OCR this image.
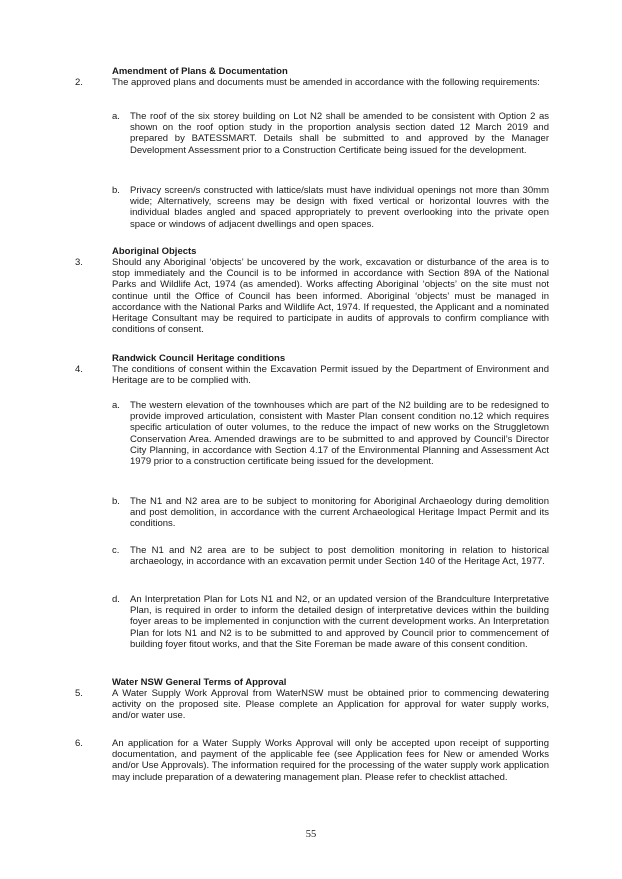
Amendment of Plans & Documentation
2.	The approved plans and documents must be amended in accordance with the following requirements:
a. The roof of the six storey building on Lot N2 shall be amended to be consistent with Option 2 as shown on the roof option study in the proportion analysis section dated 12 March 2019 and prepared by BATESSMART. Details shall be submitted to and approved by the Manager Development Assessment prior to a Construction Certificate being issued for the development.
b. Privacy screen/s constructed with lattice/slats must have individual openings not more than 30mm wide; Alternatively, screens may be design with fixed vertical or horizontal louvres with the individual blades angled and spaced appropriately to prevent overlooking into the private open space or windows of adjacent dwellings and open spaces.
Aboriginal Objects
3.	Should any Aboriginal ‘objects’ be uncovered by the work, excavation or disturbance of the area is to stop immediately and the Council is to be informed in accordance with Section 89A of the National Parks and Wildlife Act, 1974 (as amended). Works affecting Aboriginal ‘objects’ on the site must not continue until the Office of Council has been informed. Aboriginal ‘objects’ must be managed in accordance with the National Parks and Wildlife Act, 1974. If requested, the Applicant and a nominated Heritage Consultant may be required to participate in audits of approvals to confirm compliance with conditions of consent.
Randwick Council Heritage conditions
4.	The conditions of consent within the Excavation Permit issued by the Department of Environment and Heritage are to be complied with.
a. The western elevation of the townhouses which are part of the N2 building are to be redesigned to provide improved articulation, consistent with Master Plan consent condition no.12 which requires specific articulation of outer volumes, to the reduce the impact of new works on the Struggletown Conservation Area. Amended drawings are to be submitted to and approved by Council’s Director City Planning, in accordance with Section 4.17 of the Environmental Planning and Assessment Act 1979 prior to a construction certificate being issued for the development.
b. The N1 and N2 area are to be subject to monitoring for Aboriginal Archaeology during demolition and post demolition, in accordance with the current Archaeological Heritage Impact Permit and its conditions.
c. The N1 and N2 area are to be subject to post demolition monitoring in relation to historical archaeology, in accordance with an excavation permit under Section 140 of the Heritage Act, 1977.
d. An Interpretation Plan for Lots N1 and N2, or an updated version of the Brandculture Interpretative Plan, is required in order to inform the detailed design of interpretative devices within the building foyer areas to be implemented in conjunction with the current development works. An Interpretation Plan for lots N1 and N2 is to be submitted to and approved by Council prior to commencement of building foyer fitout works, and that the Site Foreman be made aware of this consent condition.
Water NSW General Terms of Approval
5.	A Water Supply Work Approval from WaterNSW must be obtained prior to commencing dewatering activity on the proposed site. Please complete an Application for approval for water supply works, and/or water use.
6.	An application for a Water Supply Works Approval will only be accepted upon receipt of supporting documentation, and payment of the applicable fee (see Application fees for New or amended Works and/or Use Approvals). The information required for the processing of the water supply work application may include preparation of a dewatering management plan. Please refer to checklist attached.
55
